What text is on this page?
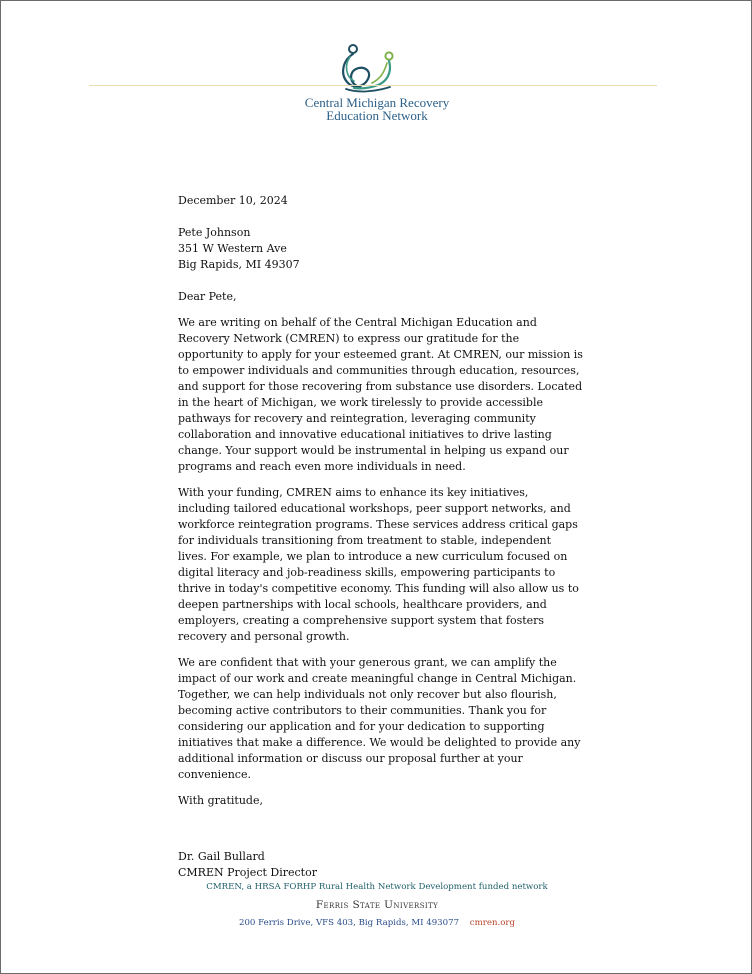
Central Michigan Recovery
Education Network

December 10, 2024

Pete Johnson
351 W Western Ave
Big Rapids, MI 49307

Dear Pete,

We are writing on behalf of the Central Michigan Education and Recovery Network (CMREN) to express our gratitude for the opportunity to apply for your esteemed grant. At CMREN, our mission is to empower individuals and communities through education, resources, and support for those recovering from substance use disorders. Located in the heart of Michigan, we work tirelessly to provide accessible pathways for recovery and reintegration, leveraging community collaboration and innovative educational initiatives to drive lasting change. Your support would be instrumental in helping us expand our programs and reach even more individuals in need.

With your funding, CMREN aims to enhance its key initiatives, including tailored educational workshops, peer support networks, and workforce reintegration programs. These services address critical gaps for individuals transitioning from treatment to stable, independent lives. For example, we plan to introduce a new curriculum focused on digital literacy and job-readiness skills, empowering participants to thrive in today's competitive economy. This funding will also allow us to deepen partnerships with local schools, healthcare providers, and employers, creating a comprehensive support system that fosters recovery and personal growth.

We are confident that with your generous grant, we can amplify the impact of our work and create meaningful change in Central Michigan. Together, we can help individuals not only recover but also flourish, becoming active contributors to their communities. Thank you for considering our application and for your dedication to supporting initiatives that make a difference. We would be delighted to provide any additional information or discuss our proposal further at your convenience.

With gratitude,

Dr. Gail Bullard
CMREN Project Director
CMREN, a HRSA FORHP Rural Health Network Development funded network
Ferris State University
200 Ferris Drive, VFS 403, Big Rapids, MI 493077 cmren.org
